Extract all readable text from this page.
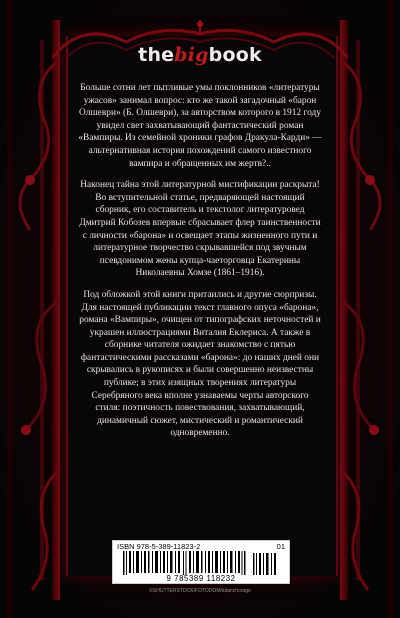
thebigbook

Больше сотни лет пытливые умы поклонников «литературы ужасов» занимал вопрос: кто же такой загадочный «барон Олшеври» (Б. Олшеври), за авторством которого в 1912 году увидел свет захватывающий фантастический роман «Вампиры. Из семейной хроники графов Дракула-Карди» — альтернативная история похождений самого известного вампира и обращенных им жертв?..

Наконец тайна этой литературной мистификации раскрыта! Во вступительной статье, предваряющей настоящий сборник, его составитель и текстолог литературовед Дмитрий Кобозев впервые сбрасывает флер таинственности с личности «барона» и освещает этапы жизненного пути и литературное творчество скрывавшейся под звучным псевдонимом жены купца-чаеторговца Екатерины Николаевны Хомзе (1861–1916).

Под обложкой этой книги притаились и другие сюрпризы. Для настоящей публикации текст главного опуса «барона», романа «Вампиры», очищен от типографских неточностей и украшен иллюстрациями Виталия Еклериса. А также в сборнике читателя ожидает знакомство с пятью фантастическими рассказами «барона»: до наших дней они скрывались в рукописях и были совершенно неизвестны публике; в этих изящных творениях литературы Серебряного века вполне узнаваемы черты авторского стиля: поэтичность повествования, захватывающий, динамичный сюжет, мистический и романтический одновременно.

ISBN 978-5-389-11823-2	01
9 785389 118232
©SHUTTERSTOCK/FOTODOM/lutanchorage
